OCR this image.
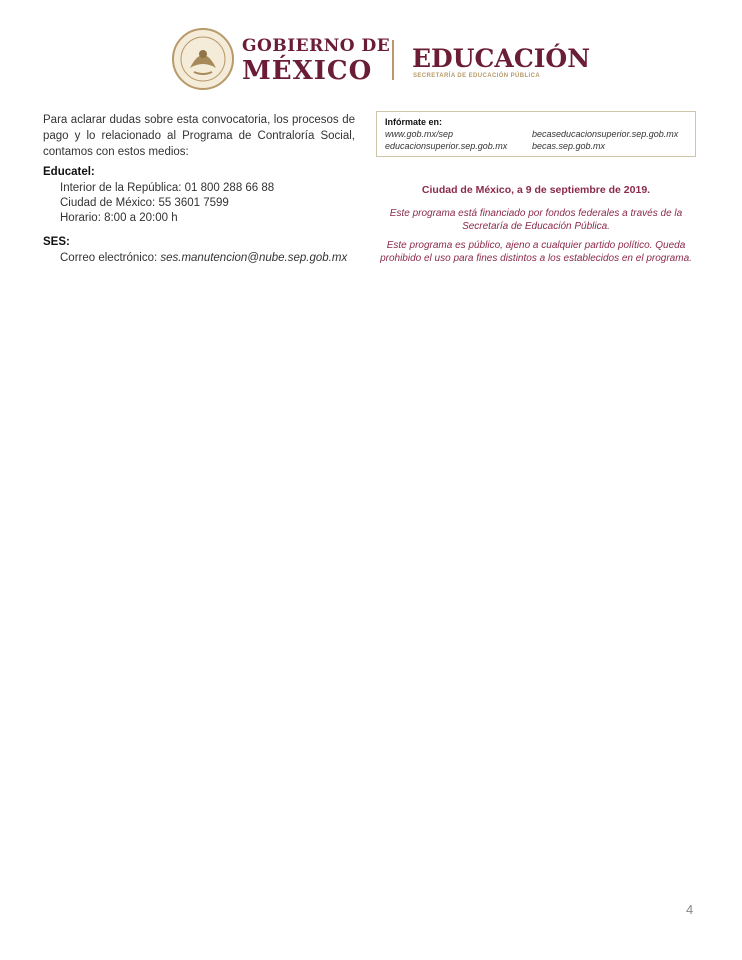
GOBIERNO DE
MÉXICO EDUCACIÓN
SECRETARÍA DE EDUCACIÓN PÚBLICA

Para aclarar dudas sobre esta convocatoria, los procesos de pago y lo relacionado al Programa de Contraloría Social, contamos con estos medios:

Educatel:
Interior de la República: 01 800 288 66 88
Ciudad de México: 55 3601 7599
Horario: 8:00 a 20:00 h
SES:
Correo electrónico: ses.manutencion@nube.sep.gob.mx
Infórmate en:
www.gob.mx/sep	becaseducacionsuperior.sep.gob.mx
educacionsuperior.sep.gob.mx	becas.sep.gob.mx
Ciudad de México, a 9 de septiembre de 2019.

Este programa está financiado por fondos federales a través de la Secretaría de Educación Pública.

Este programa es público, ajeno a cualquier partido político. Queda prohibido el uso para fines distintos a los establecidos en el programa.

4
